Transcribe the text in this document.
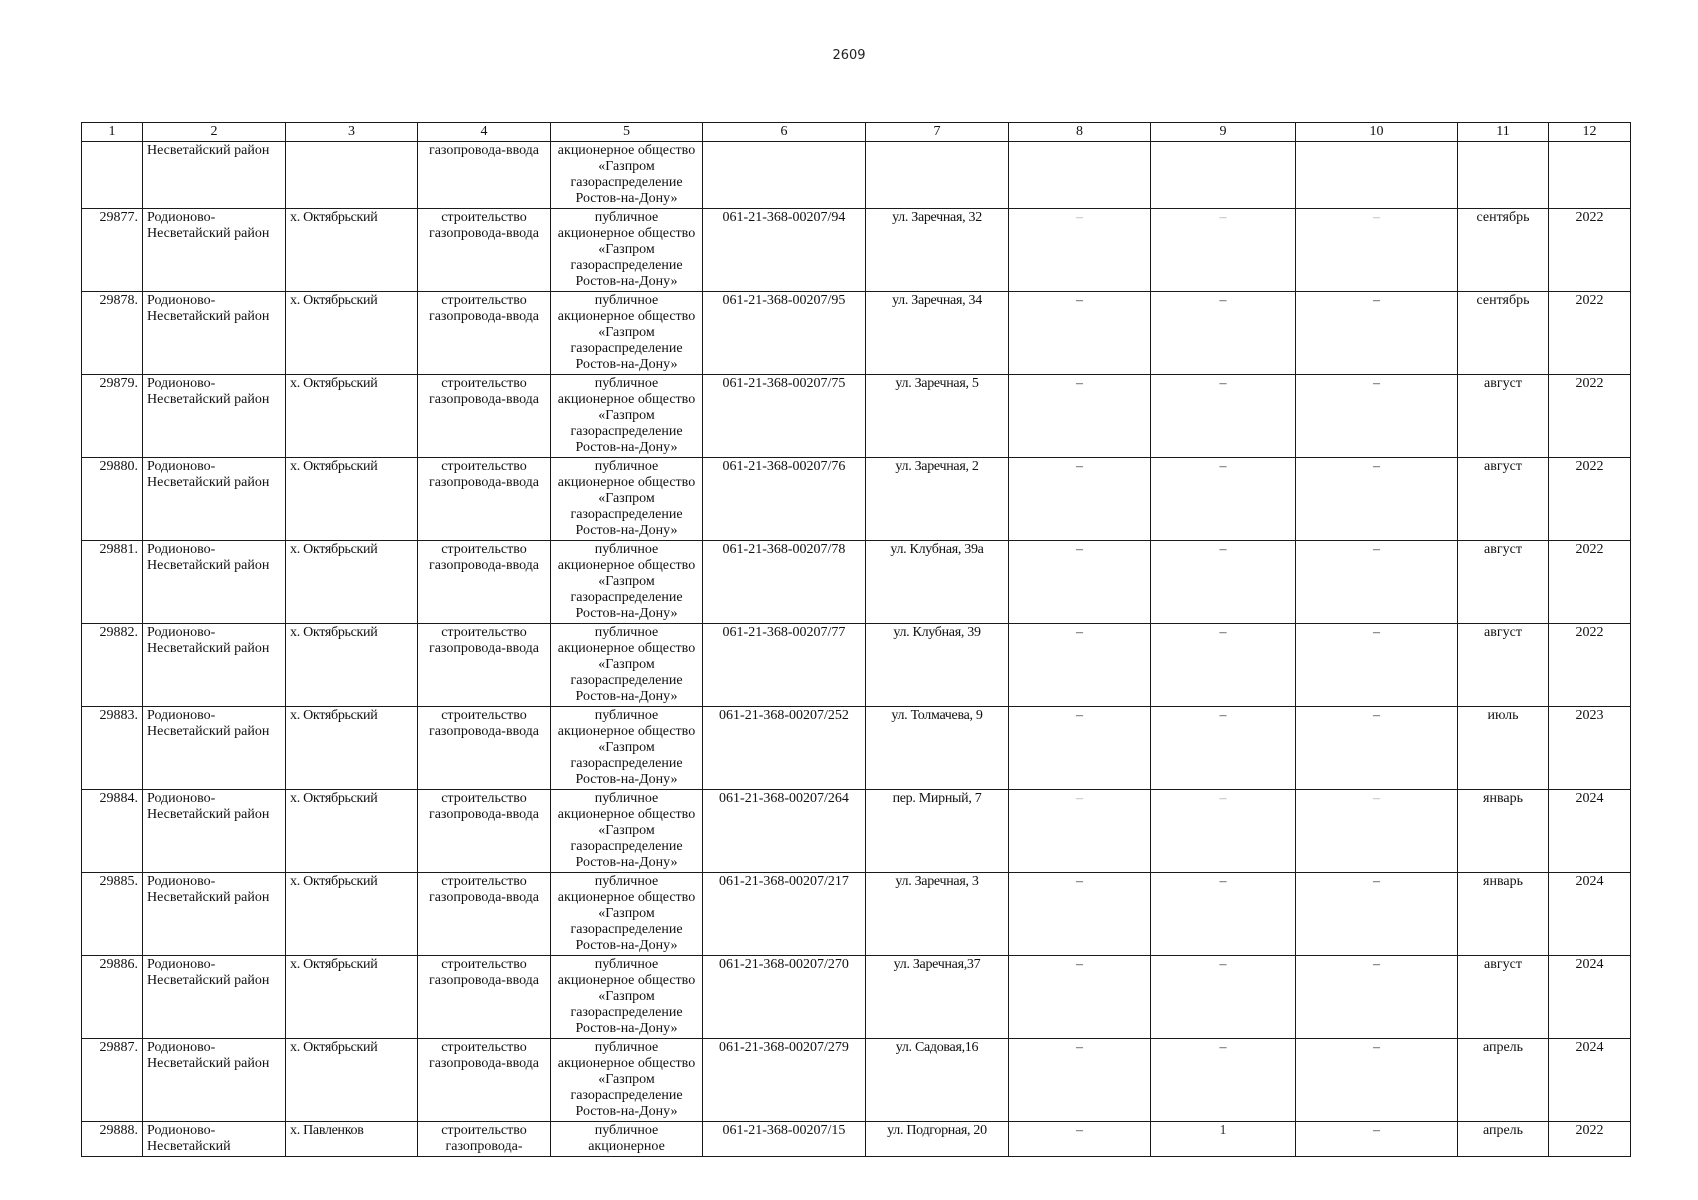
2609
1	2	3	4	5	6	7	8	9	10	11	12
	Несветайский район		газопровода-ввода	акционерное общество «Газпром газораспределение Ростов-на-Дону»							
29877.	Родионово-Несветайский район	х. Октябрьский	строительство газопровода-ввода	публичное акционерное общество «Газпром газораспределение Ростов-на-Дону»	061-21-368-00207/94	ул. Заречная, 32	–	–	–	сентябрь	2022
29878.	Родионово-Несветайский район	х. Октябрьский	строительство газопровода-ввода	публичное акционерное общество «Газпром газораспределение Ростов-на-Дону»	061-21-368-00207/95	ул. Заречная, 34	–	–	–	сентябрь	2022
29879.	Родионово-Несветайский район	х. Октябрьский	строительство газопровода-ввода	публичное акционерное общество «Газпром газораспределение Ростов-на-Дону»	061-21-368-00207/75	ул. Заречная, 5	–	–	–	август	2022
29880.	Родионово-Несветайский район	х. Октябрьский	строительство газопровода-ввода	публичное акционерное общество «Газпром газораспределение Ростов-на-Дону»	061-21-368-00207/76	ул. Заречная, 2	–	–	–	август	2022
29881.	Родионово-Несветайский район	х. Октябрьский	строительство газопровода-ввода	публичное акционерное общество «Газпром газораспределение Ростов-на-Дону»	061-21-368-00207/78	ул. Клубная, 39а	–	–	–	август	2022
29882.	Родионово-Несветайский район	х. Октябрьский	строительство газопровода-ввода	публичное акционерное общество «Газпром газораспределение Ростов-на-Дону»	061-21-368-00207/77	ул. Клубная, 39	–	–	–	август	2022
29883.	Родионово-Несветайский район	х. Октябрьский	строительство газопровода-ввода	публичное акционерное общество «Газпром газораспределение Ростов-на-Дону»	061-21-368-00207/252	ул. Толмачева, 9	–	–	–	июль	2023
29884.	Родионово-Несветайский район	х. Октябрьский	строительство газопровода-ввода	публичное акционерное общество «Газпром газораспределение Ростов-на-Дону»	061-21-368-00207/264	пер. Мирный, 7	–	–	–	январь	2024
29885.	Родионово-Несветайский район	х. Октябрьский	строительство газопровода-ввода	публичное акционерное общество «Газпром газораспределение Ростов-на-Дону»	061-21-368-00207/217	ул. Заречная, 3	–	–	–	январь	2024
29886.	Родионово-Несветайский район	х. Октябрьский	строительство газопровода-ввода	публичное акционерное общество «Газпром газораспределение Ростов-на-Дону»	061-21-368-00207/270	ул. Заречная,37	–	–	–	август	2024
29887.	Родионово-Несветайский район	х. Октябрьский	строительство газопровода-ввода	публичное акционерное общество «Газпром газораспределение Ростов-на-Дону»	061-21-368-00207/279	ул. Садовая,16	–	–	–	апрель	2024
29888.	Родионово-Несветайский	х. Павленков	строительство газопровода-	публичное акционерное	061-21-368-00207/15	ул. Подгорная, 20	–	1	–	апрель	2022
